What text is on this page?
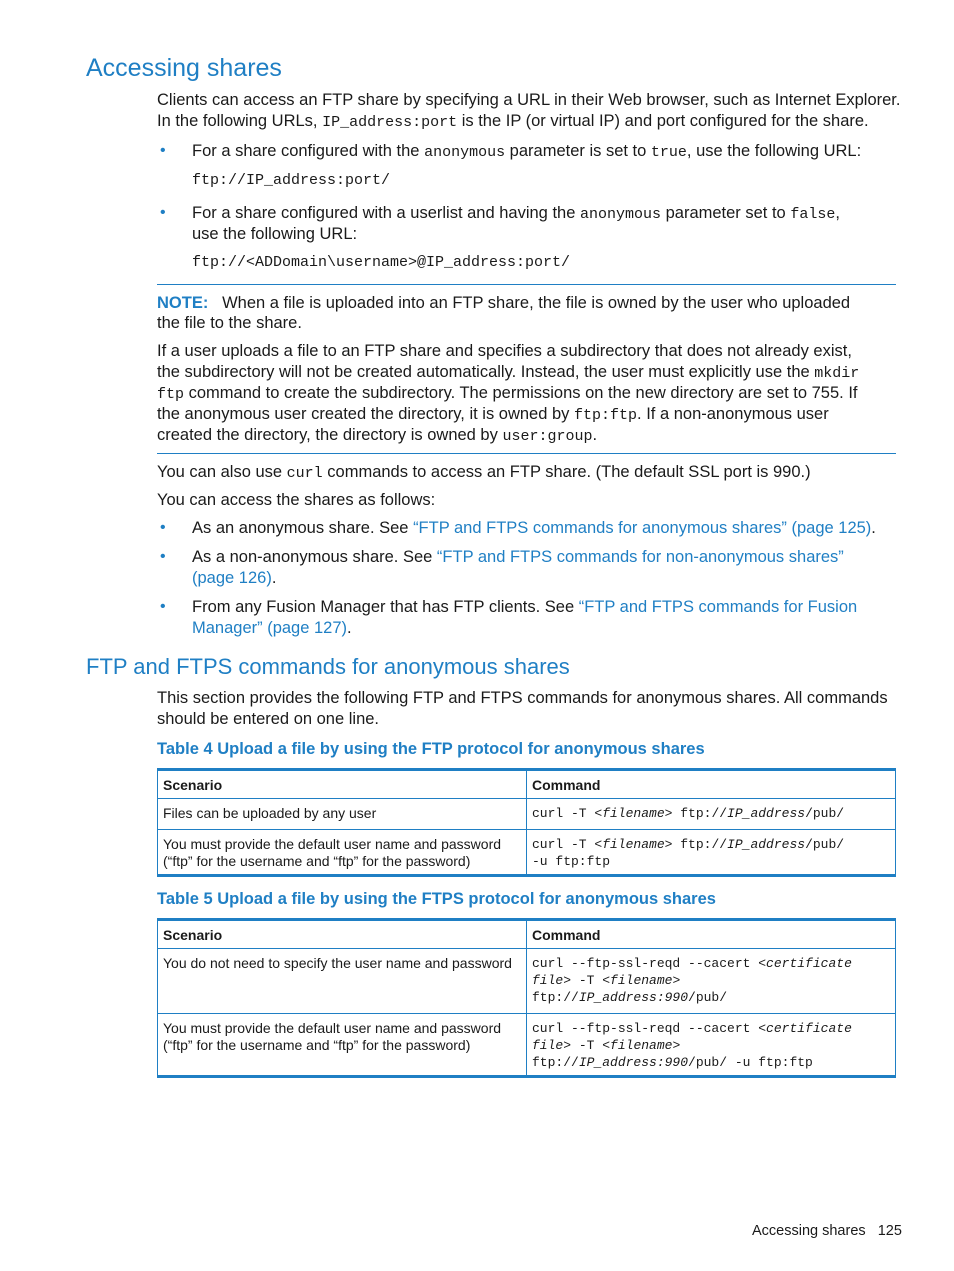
Accessing shares

Clients can access an FTP share by specifying a URL in their Web browser, such as Internet Explorer.

In the following URLs, IP_address:port is the IP (or virtual IP) and port configured for the share.

• For a share configured with the anonymous parameter is set to true, use the following URL:

ftp://IP_address:port/

• For a share configured with a userlist and having the anonymous parameter set to false,

use the following URL:

ftp://<ADDomain\username>@IP_address:port/

NOTE: When a file is uploaded into an FTP share, the file is owned by the user who uploaded

the file to the share.

If a user uploads a file to an FTP share and specifies a subdirectory that does not already exist,

the subdirectory will not be created automatically. Instead, the user must explicitly use the mkdir

ftp command to create the subdirectory. The permissions on the new directory are set to 755. If

the anonymous user created the directory, it is owned by ftp:ftp. If a non-anonymous user

created the directory, the directory is owned by user:group.

You can also use curl commands to access an FTP share. (The default SSL port is 990.)

You can access the shares as follows:

• As an anonymous share. See “FTP and FTPS commands for anonymous shares” (page 125).

• As a non-anonymous share. See “FTP and FTPS commands for non-anonymous shares”

(page 126).

• From any Fusion Manager that has FTP clients. See “FTP and FTPS commands for Fusion

Manager” (page 127).

FTP and FTPS commands for anonymous shares

This section provides the following FTP and FTPS commands for anonymous shares. All commands

should be entered on one line.

Table 4 Upload a file by using the FTP protocol for anonymous shares

Scenario	Command
Files can be uploaded by any user	curl -T <filename> ftp://IP_address/pub/
You must provide the default user name and password (“ftp” for the username and “ftp” for the password)	curl -T <filename> ftp://IP_address/pub/
-u ftp:ftp

Table 5 Upload a file by using the FTPS protocol for anonymous shares

Scenario	Command
You do not need to specify the user name and password	curl --ftp-ssl-reqd --cacert <certificate
file> -T <filename>
ftp://IP_address:990/pub/
You must provide the default user name and password (“ftp” for the username and “ftp” for the password)	curl --ftp-ssl-reqd --cacert <certificate
file> -T <filename>
ftp://IP_address:990/pub/ -u ftp:ftp
Accessing shares 125
